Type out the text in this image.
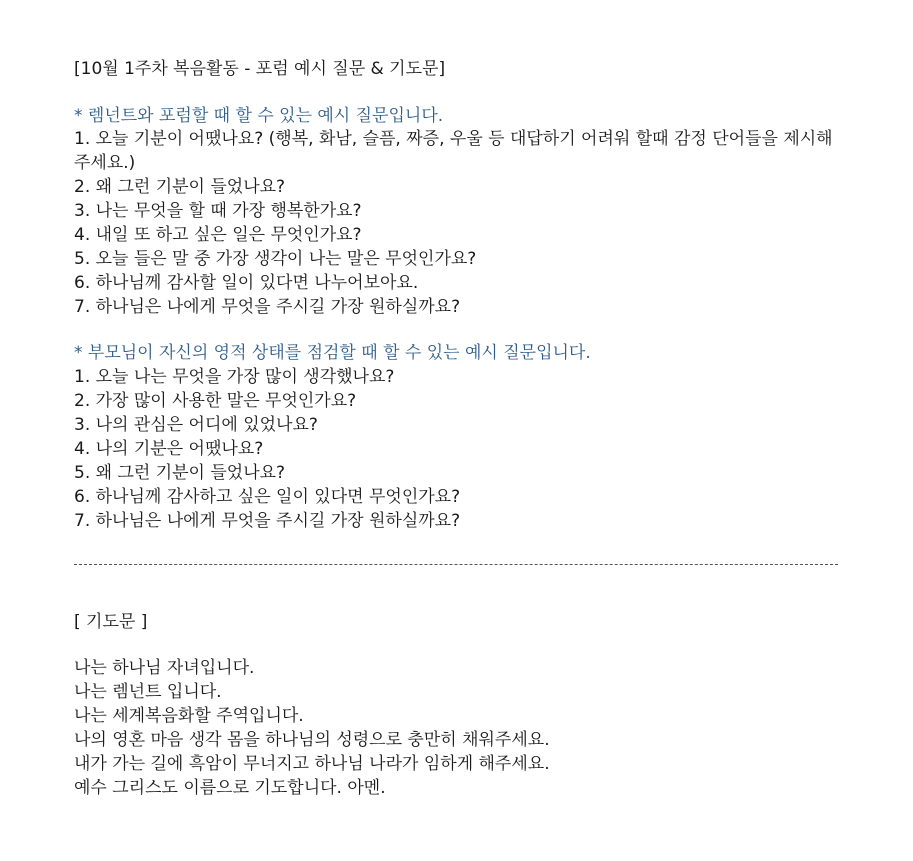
[10월 1주차 복음활동 - 포럼 예시 질문 & 기도문]

* 렘넌트와 포럼할 때 할 수 있는 예시 질문입니다.

1. 오늘 기분이 어땠나요? (행복, 화남, 슬픔, 짜증, 우울 등 대답하기 어려워 할때 감정 단어들을 제시해

주세요.)

2. 왜 그런 기분이 들었나요?

3. 나는 무엇을 할 때 가장 행복한가요?

4. 내일 또 하고 싶은 일은 무엇인가요?

5. 오늘 들은 말 중 가장 생각이 나는 말은 무엇인가요?

6. 하나님께 감사할 일이 있다면 나누어보아요.

7. 하나님은 나에게 무엇을 주시길 가장 원하실까요?

* 부모님이 자신의 영적 상태를 점검할 때 할 수 있는 예시 질문입니다.

1. 오늘 나는 무엇을 가장 많이 생각했나요?

2. 가장 많이 사용한 말은 무엇인가요?

3. 나의 관심은 어디에 있었나요?

4. 나의 기분은 어땠나요?

5. 왜 그런 기분이 들었나요?

6. 하나님께 감사하고 싶은 일이 있다면 무엇인가요?

7. 하나님은 나에게 무엇을 주시길 가장 원하실까요?

[ 기도문 ]

나는 하나님 자녀입니다.

나는 렘넌트 입니다.

나는 세계복음화할 주역입니다.

나의 영혼 마음 생각 몸을 하나님의 성령으로 충만히 채워주세요.

내가 가는 길에 흑암이 무너지고 하나님 나라가 임하게 해주세요.

예수 그리스도 이름으로 기도합니다. 아멘.
